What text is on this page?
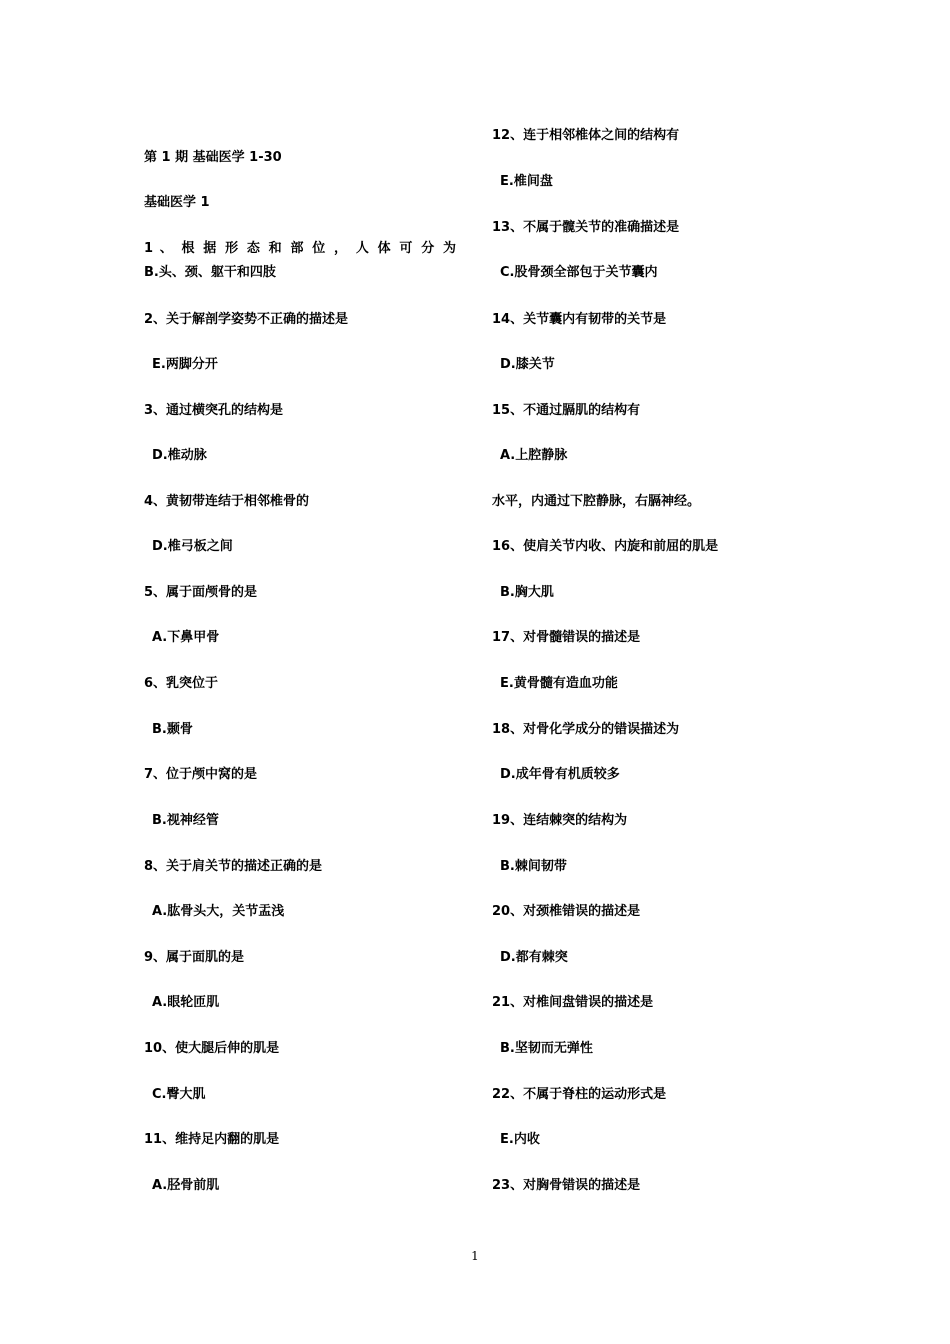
第 1 期 基础医学 1-30
基础医学 1
1 、 根 据 形 态 和 部 位 ， 人 体 可 分 为
B.头、颈、躯干和四肢
2、关于解剖学姿势不正确的描述是
E.两脚分开
3、通过横突孔的结构是
D.椎动脉
4、黄韧带连结于相邻椎骨的
D.椎弓板之间
5、属于面颅骨的是
A.下鼻甲骨
6、乳突位于
B.颞骨
7、位于颅中窝的是
B.视神经管
8、关于肩关节的描述正确的是
A.肱骨头大，关节盂浅
9、属于面肌的是
A.眼轮匝肌
10、使大腿后伸的肌是
C.臀大肌
11、维持足内翻的肌是
A.胫骨前肌
12、连于相邻椎体之间的结构有
E.椎间盘
13、不属于髋关节的准确描述是
C.股骨颈全部包于关节囊内
14、关节囊内有韧带的关节是
D.膝关节
15、不通过膈肌的结构有
A.上腔静脉
水平，内通过下腔静脉，右膈神经。
16、使肩关节内收、内旋和前屈的肌是
B.胸大肌
17、对骨髓错误的描述是
E.黄骨髓有造血功能
18、对骨化学成分的错误描述为
D.成年骨有机质较多
19、连结棘突的结构为
B.棘间韧带
20、对颈椎错误的描述是
D.都有棘突
21、对椎间盘错误的描述是
B.坚韧而无弹性
22、不属于脊柱的运动形式是
E.内收
23、对胸骨错误的描述是
1
